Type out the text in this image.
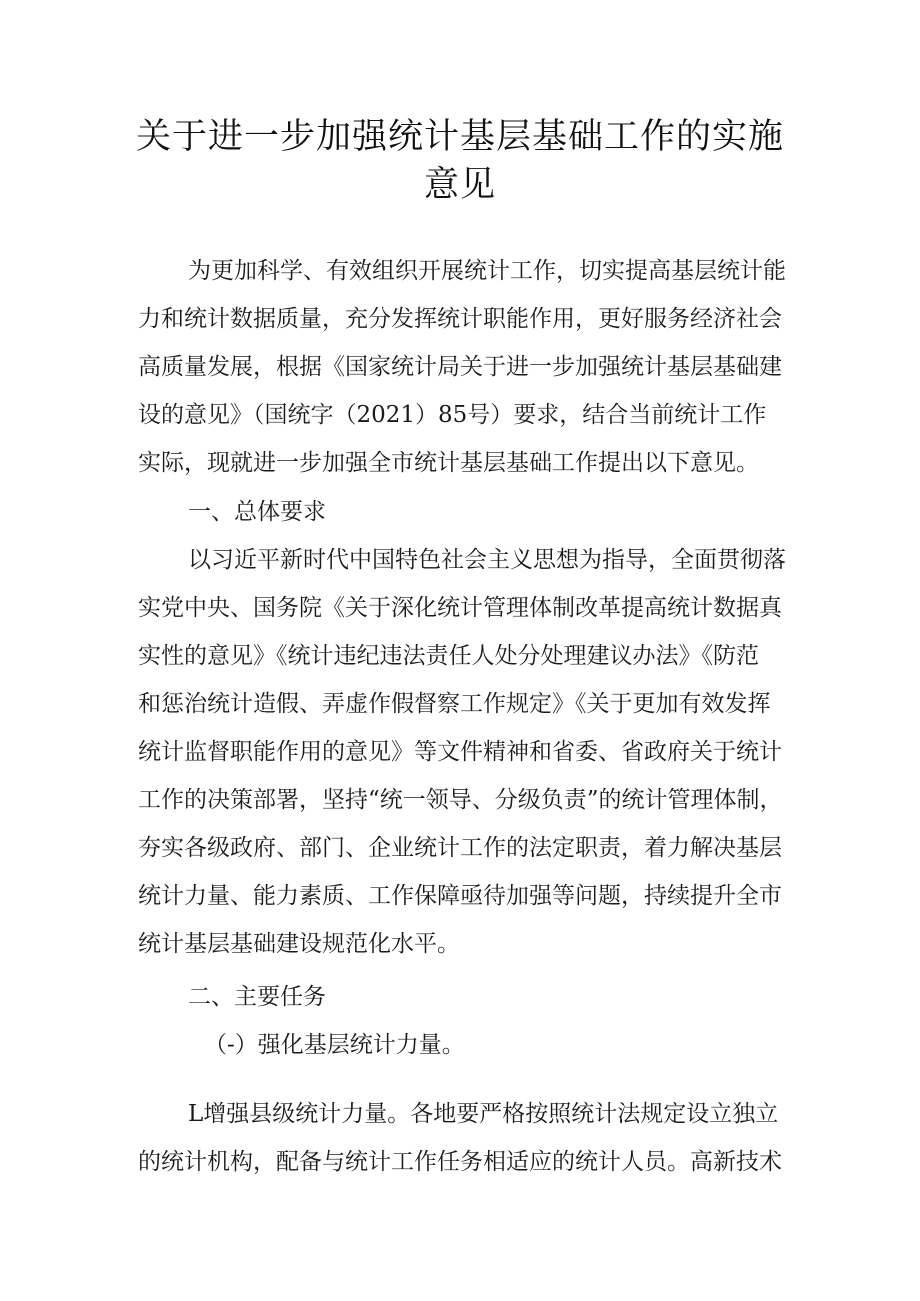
关于进一步加强统计基层基础工作的实施
意见
为更加科学、有效组织开展统计工作，切实提高基层统计能
力和统计数据质量，充分发挥统计职能作用，更好服务经济社会
高质量发展，根据《国家统计局关于进一步加强统计基层基础建
设的意见》（国统字（2021）85号）要求，结合当前统计工作
实际，现就进一步加强全市统计基层基础工作提出以下意见。
一、总体要求
以习近平新时代中国特色社会主义思想为指导，全面贯彻落
实党中央、国务院《关于深化统计管理体制改革提高统计数据真
实性的意见》《统计违纪违法责任人处分处理建议办法》《防范
和惩治统计造假、弄虚作假督察工作规定》《关于更加有效发挥
统计监督职能作用的意见》等文件精神和省委、省政府关于统计
工作的决策部署，坚持“统一领导、分级负责”的统计管理体制，
夯实各级政府、部门、企业统计工作的法定职责，着力解决基层
统计力量、能力素质、工作保障亟待加强等问题，持续提升全市
统计基层基础建设规范化水平。
二、主要任务
（-）强化基层统计力量。
L增强县级统计力量。各地要严格按照统计法规定设立独立
的统计机构，配备与统计工作任务相适应的统计人员。高新技术
